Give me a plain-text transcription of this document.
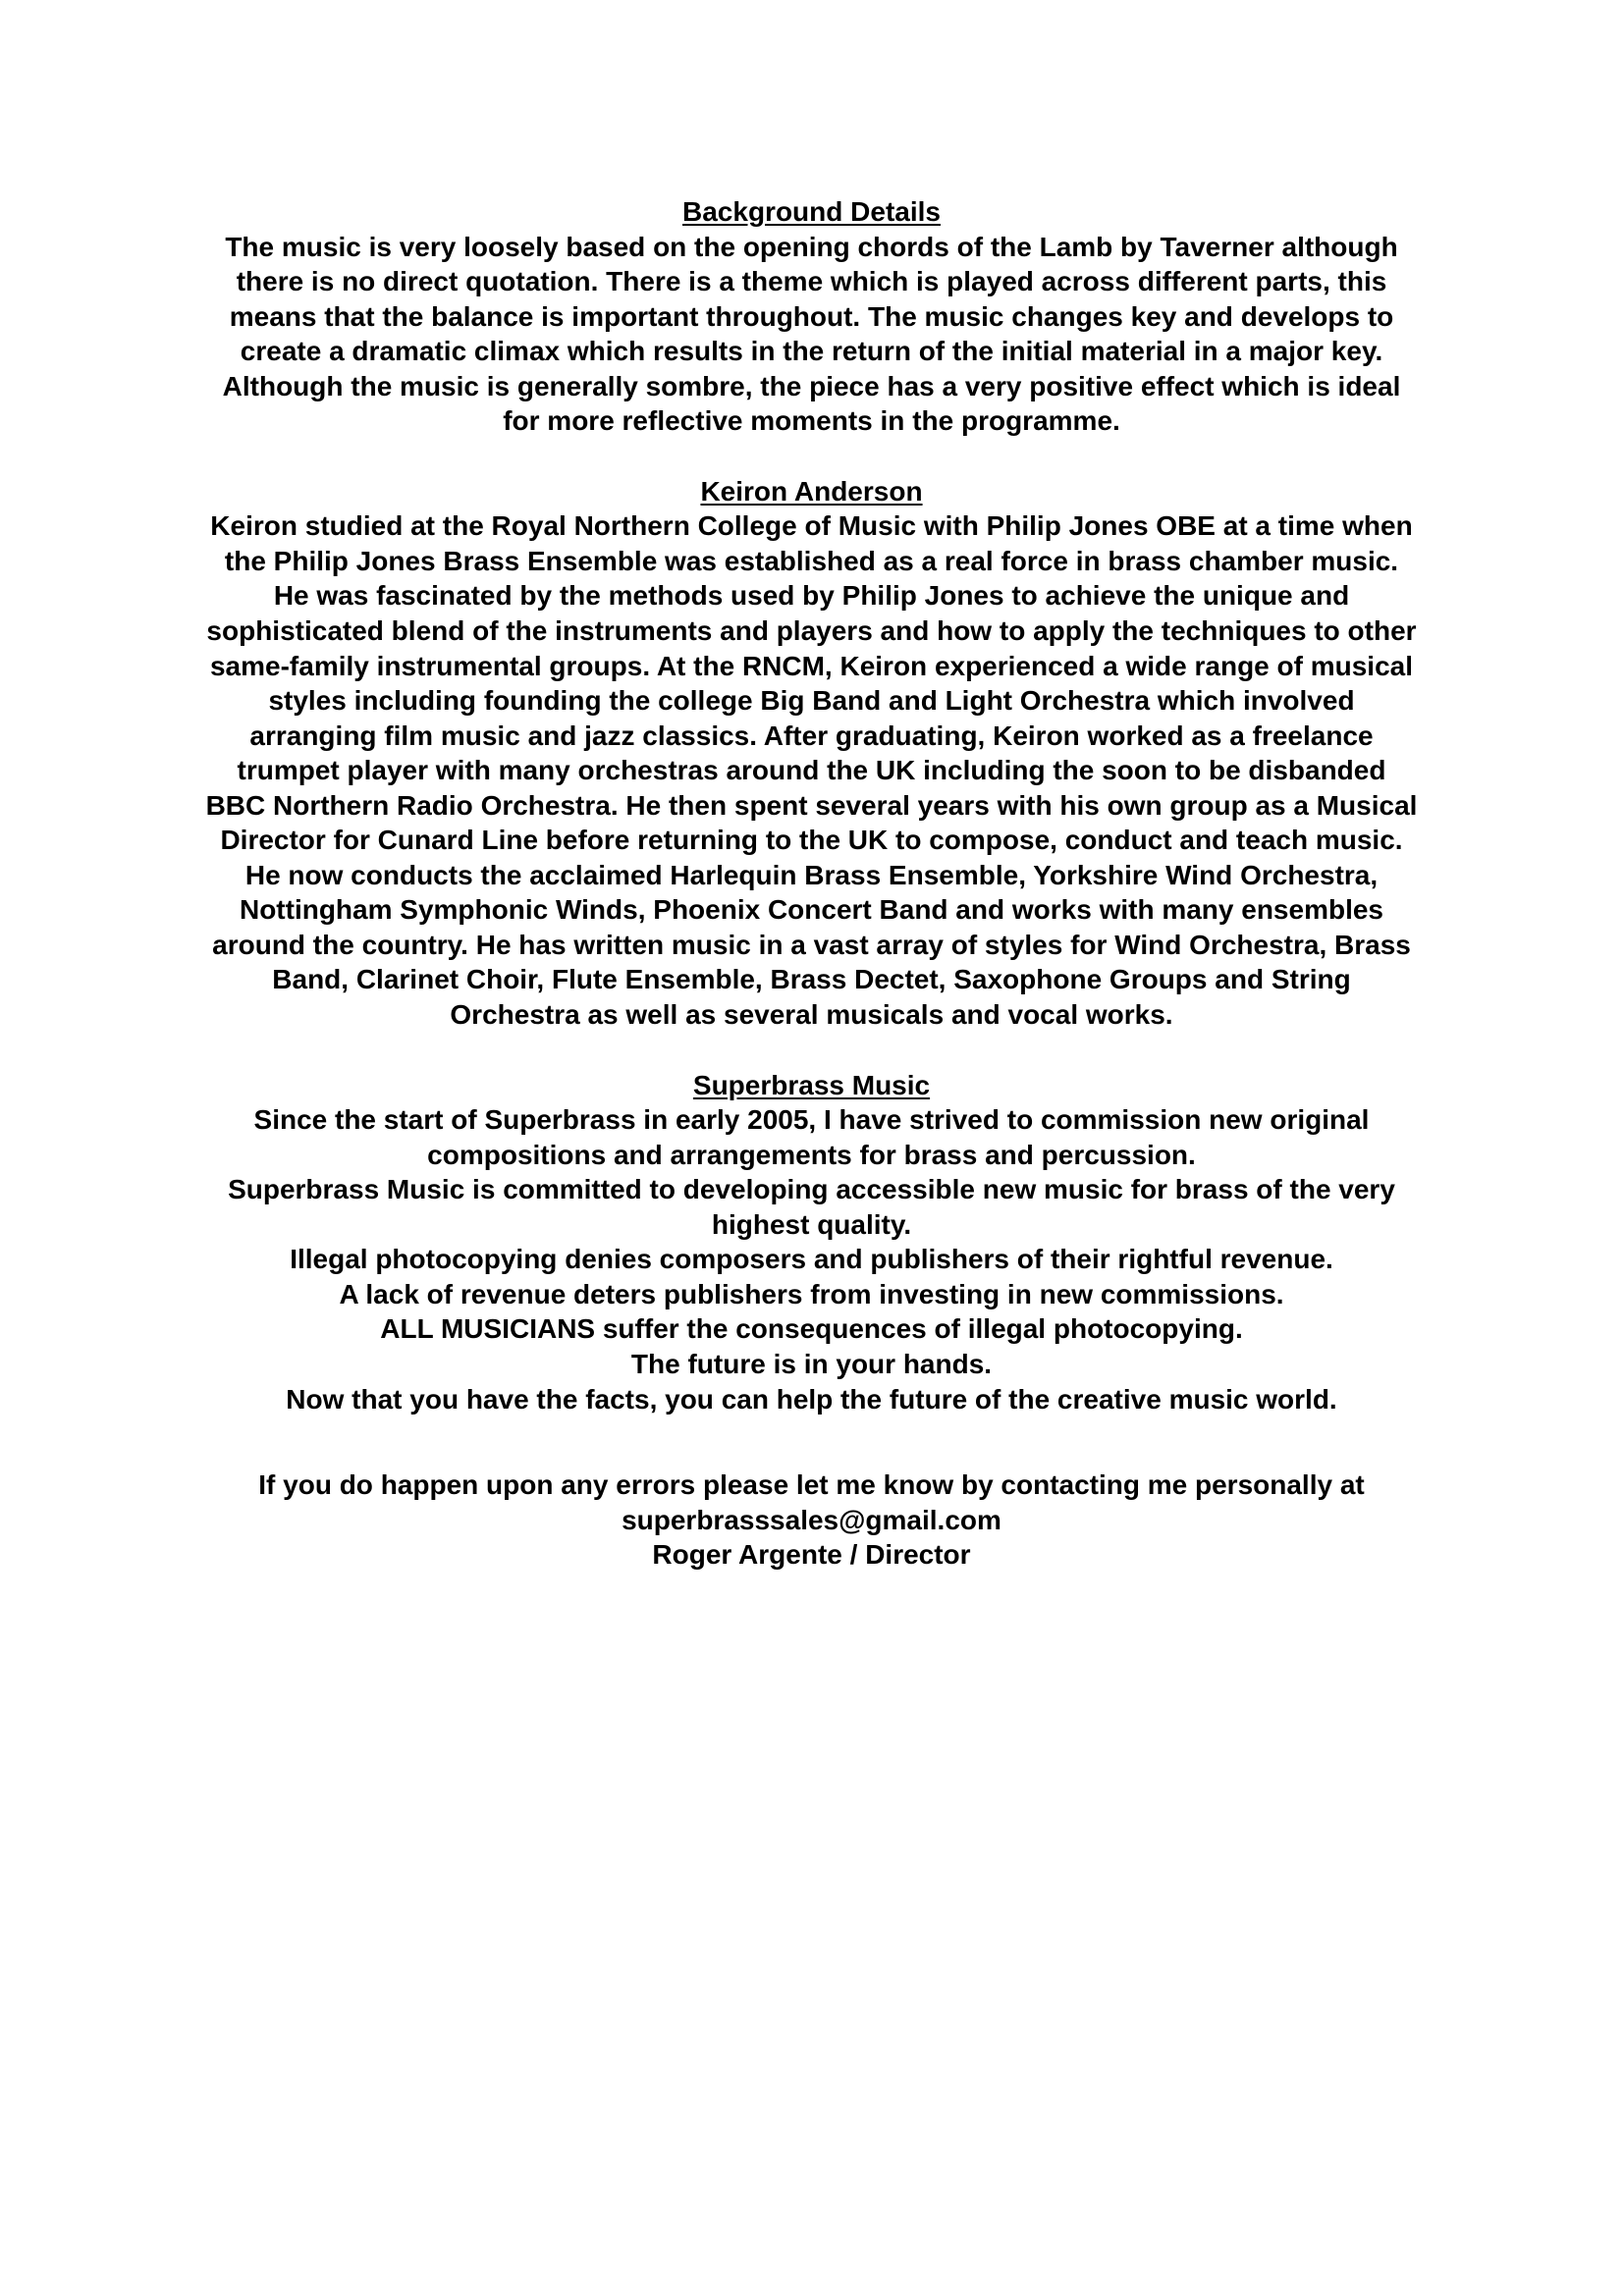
Background Details

The music is very loosely based on the opening chords of the Lamb by Taverner although there is no direct quotation. There is a theme which is played across different parts, this means that the balance is important throughout. The music changes key and develops to create a dramatic climax which results in the return of the initial material in a major key. Although the music is generally sombre, the piece has a very positive effect which is ideal for more reflective moments in the programme.

Keiron Anderson

Keiron studied at the Royal Northern College of Music with Philip Jones OBE at a time when the Philip Jones Brass Ensemble was established as a real force in brass chamber music. He was fascinated by the methods used by Philip Jones to achieve the unique and sophisticated blend of the instruments and players and how to apply the techniques to other same-family instrumental groups. At the RNCM, Keiron experienced a wide range of musical styles including founding the college Big Band and Light Orchestra which involved arranging film music and jazz classics. After graduating, Keiron worked as a freelance trumpet player with many orchestras around the UK including the soon to be disbanded BBC Northern Radio Orchestra. He then spent several years with his own group as a Musical Director for Cunard Line before returning to the UK to compose, conduct and teach music. He now conducts the acclaimed Harlequin Brass Ensemble, Yorkshire Wind Orchestra, Nottingham Symphonic Winds, Phoenix Concert Band and works with many ensembles around the country. He has written music in a vast array of styles for Wind Orchestra, Brass Band, Clarinet Choir, Flute Ensemble, Brass Dectet, Saxophone Groups and String Orchestra as well as several musicals and vocal works.

Superbrass Music

Since the start of Superbrass in early 2005, I have strived to commission new original compositions and arrangements for brass and percussion.

Superbrass Music is committed to developing accessible new music for brass of the very highest quality.

Illegal photocopying denies composers and publishers of their rightful revenue.

A lack of revenue deters publishers from investing in new commissions.

ALL MUSICIANS suffer the consequences of illegal photocopying.

The future is in your hands.

Now that you have the facts, you can help the future of the creative music world.

If you do happen upon any errors please let me know by contacting me personally at superbrasssales@gmail.com

Roger Argente / Director
